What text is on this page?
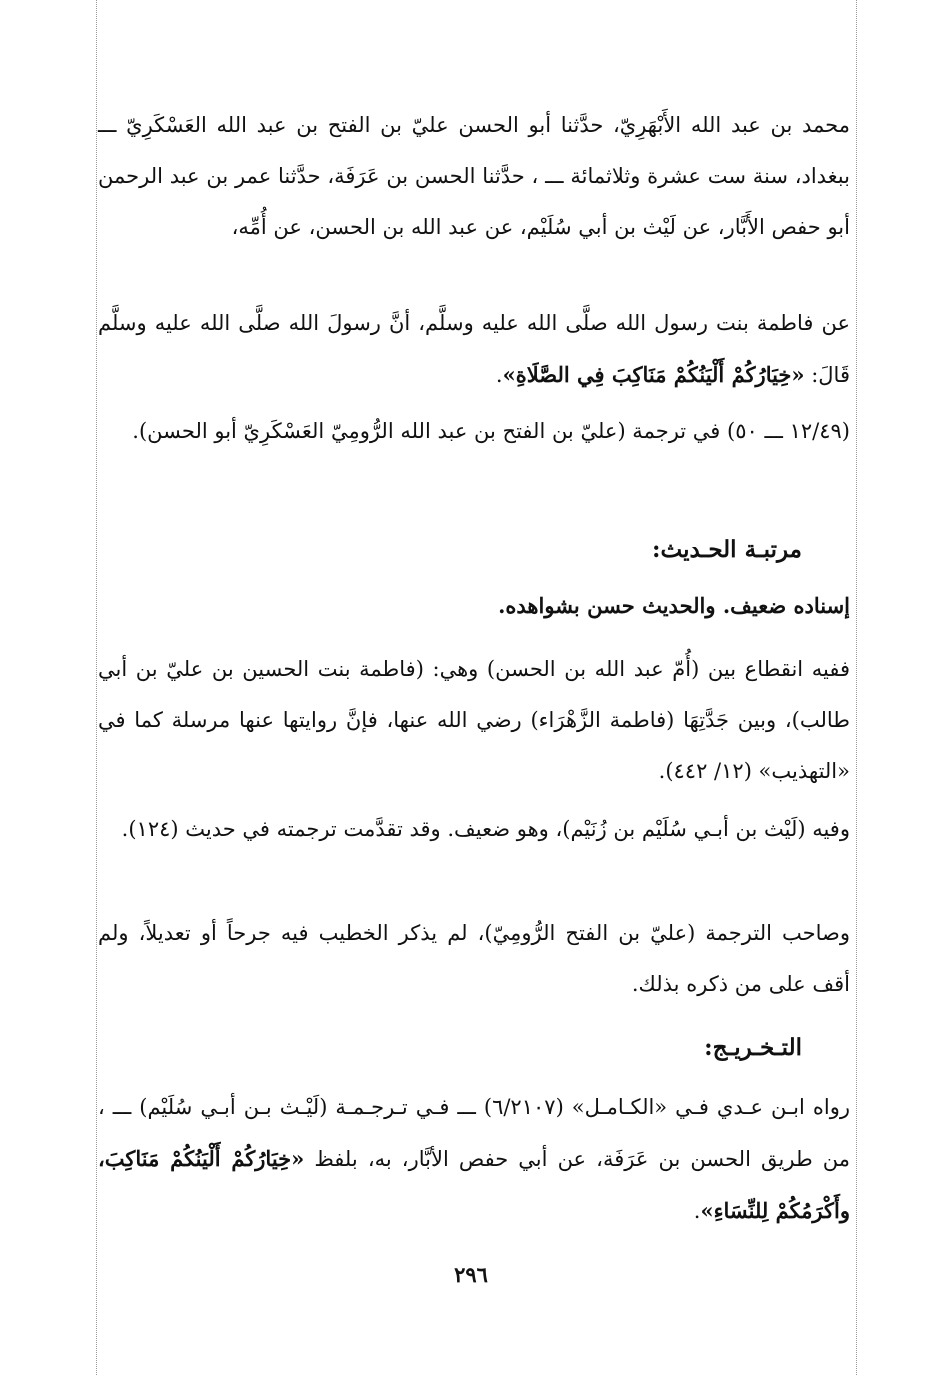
محمد بن عبد الله الأَبْهَرِيّ، حدَّثنا أبو الحسن عليّ بن الفتح بن عبد الله العَسْكَرِيّ ـــ ببغداد، سنة ست عشرة وثلاثمائة ـــ ، حدَّثنا الحسن بن عَرَفَة، حدَّثنا عمر بن عبد الرحمن أبو حفص الأَبَّار، عن لَيْث بن أبي سُلَيْم، عن عبد الله بن الحسن، عن أُمِّه،

عن فاطمة بنت رسول الله صلَّى الله عليه وسلَّم، أنَّ رسولَ الله صلَّى الله عليه وسلَّم قَالَ: «خِيَارُكُمْ أَلْيَنُكُمْ مَنَاكِبَ فِي الصَّلَاةِ».

(١٢/٤٩ ـــ ٥٠) في ترجمة (عليّ بن الفتح بن عبد الله الرُّومِيّ العَسْكَرِيّ أبو الحسن).

مرتبـة الحـديث:

إسناده ضعيف. والحديث حسن بشواهده.

ففيه انقطاع بين (أُمّ عبد الله بن الحسن) وهي: (فاطمة بنت الحسين بن عليّ بن أبي طالب)، وبين جَدَّتِهَا (فاطمة الزَّهْرَاء) رضي الله عنها، فإنَّ روايتها عنها مرسلة كما في «التهذيب» (١٢/ ٤٤٢).

وفيه (لَيْث بن أبـي سُلَيْم بن زُنَيْم)، وهو ضعيف. وقد تقدَّمت ترجمته في حديث (١٢٤).

وصاحب الترجمة (عليّ بن الفتح الرُّومِيّ)، لم يذكر الخطيب فيه جرحاً أو تعديلاً، ولم أقف على من ذكره بذلك.

التـخـريـج:

رواه ابـن عـدي فـي «الكـامـل» (٦/٢١٠٧) ـــ فـي تـرجـمـة (لَيْـث بـن أبـي سُلَيْم) ـــ ، من طريق الحسن بن عَرَفَة، عن أبي حفص الأبَّار، به، بلفظ «خِيَارُكُمْ أَلْيَنُكُمْ مَنَاكِبَ، وأَكْرَمُكُمْ لِلنِّسَاءِ».

٢٩٦
